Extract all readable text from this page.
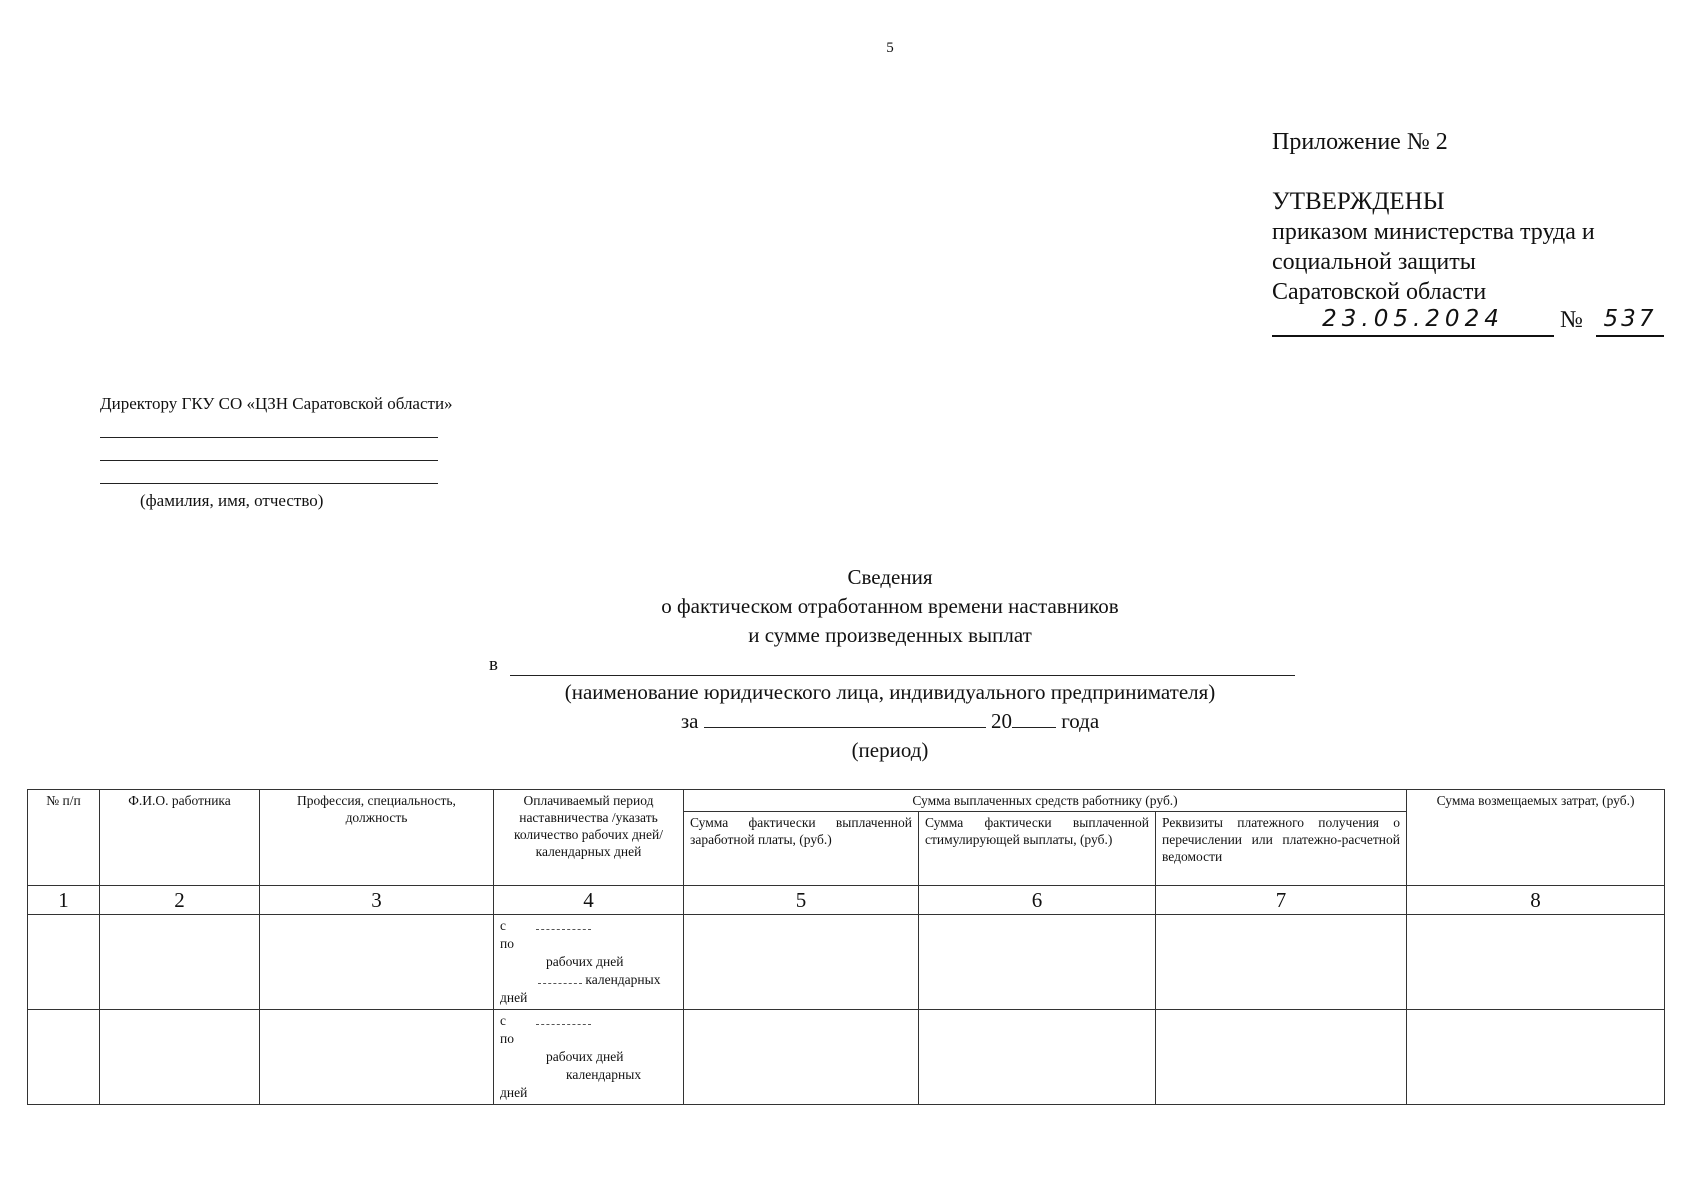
5
Приложение № 2
УТВЕРЖДЕНЫ
приказом министерства труда и
социальной защиты
Саратовской области
23.05.2024	№ 537
Директору ГКУ СО «ЦЗН Саратовской области»
(фамилия, имя, отчество)
Сведения
о фактическом отработанном времени наставников
и сумме произведенных выплат
в
(наименование юридического лица, индивидуального предпринимателя)
за	20 года
(период)
№ п/п	Ф.И.О. работника	Профессия, специальность, должность	Оплачиваемый период наставничества /указать количество рабочих дней/календарных дней	Сумма выплаченных средств работнику (руб.)			Сумма возмещаемых затрат, (руб.)
				Сумма фактически выплаченной заработной платы, (руб.)	Сумма фактически выплаченной стимулирующей выплаты, (руб.)	Реквизиты платежного получения о перечислении или платежно-расчетной ведомости	
1	2	3	4	5	6	7	8

			с
по
рабочих дней
календарных
дней				

			с
по
рабочих дней
календарных
дней				
